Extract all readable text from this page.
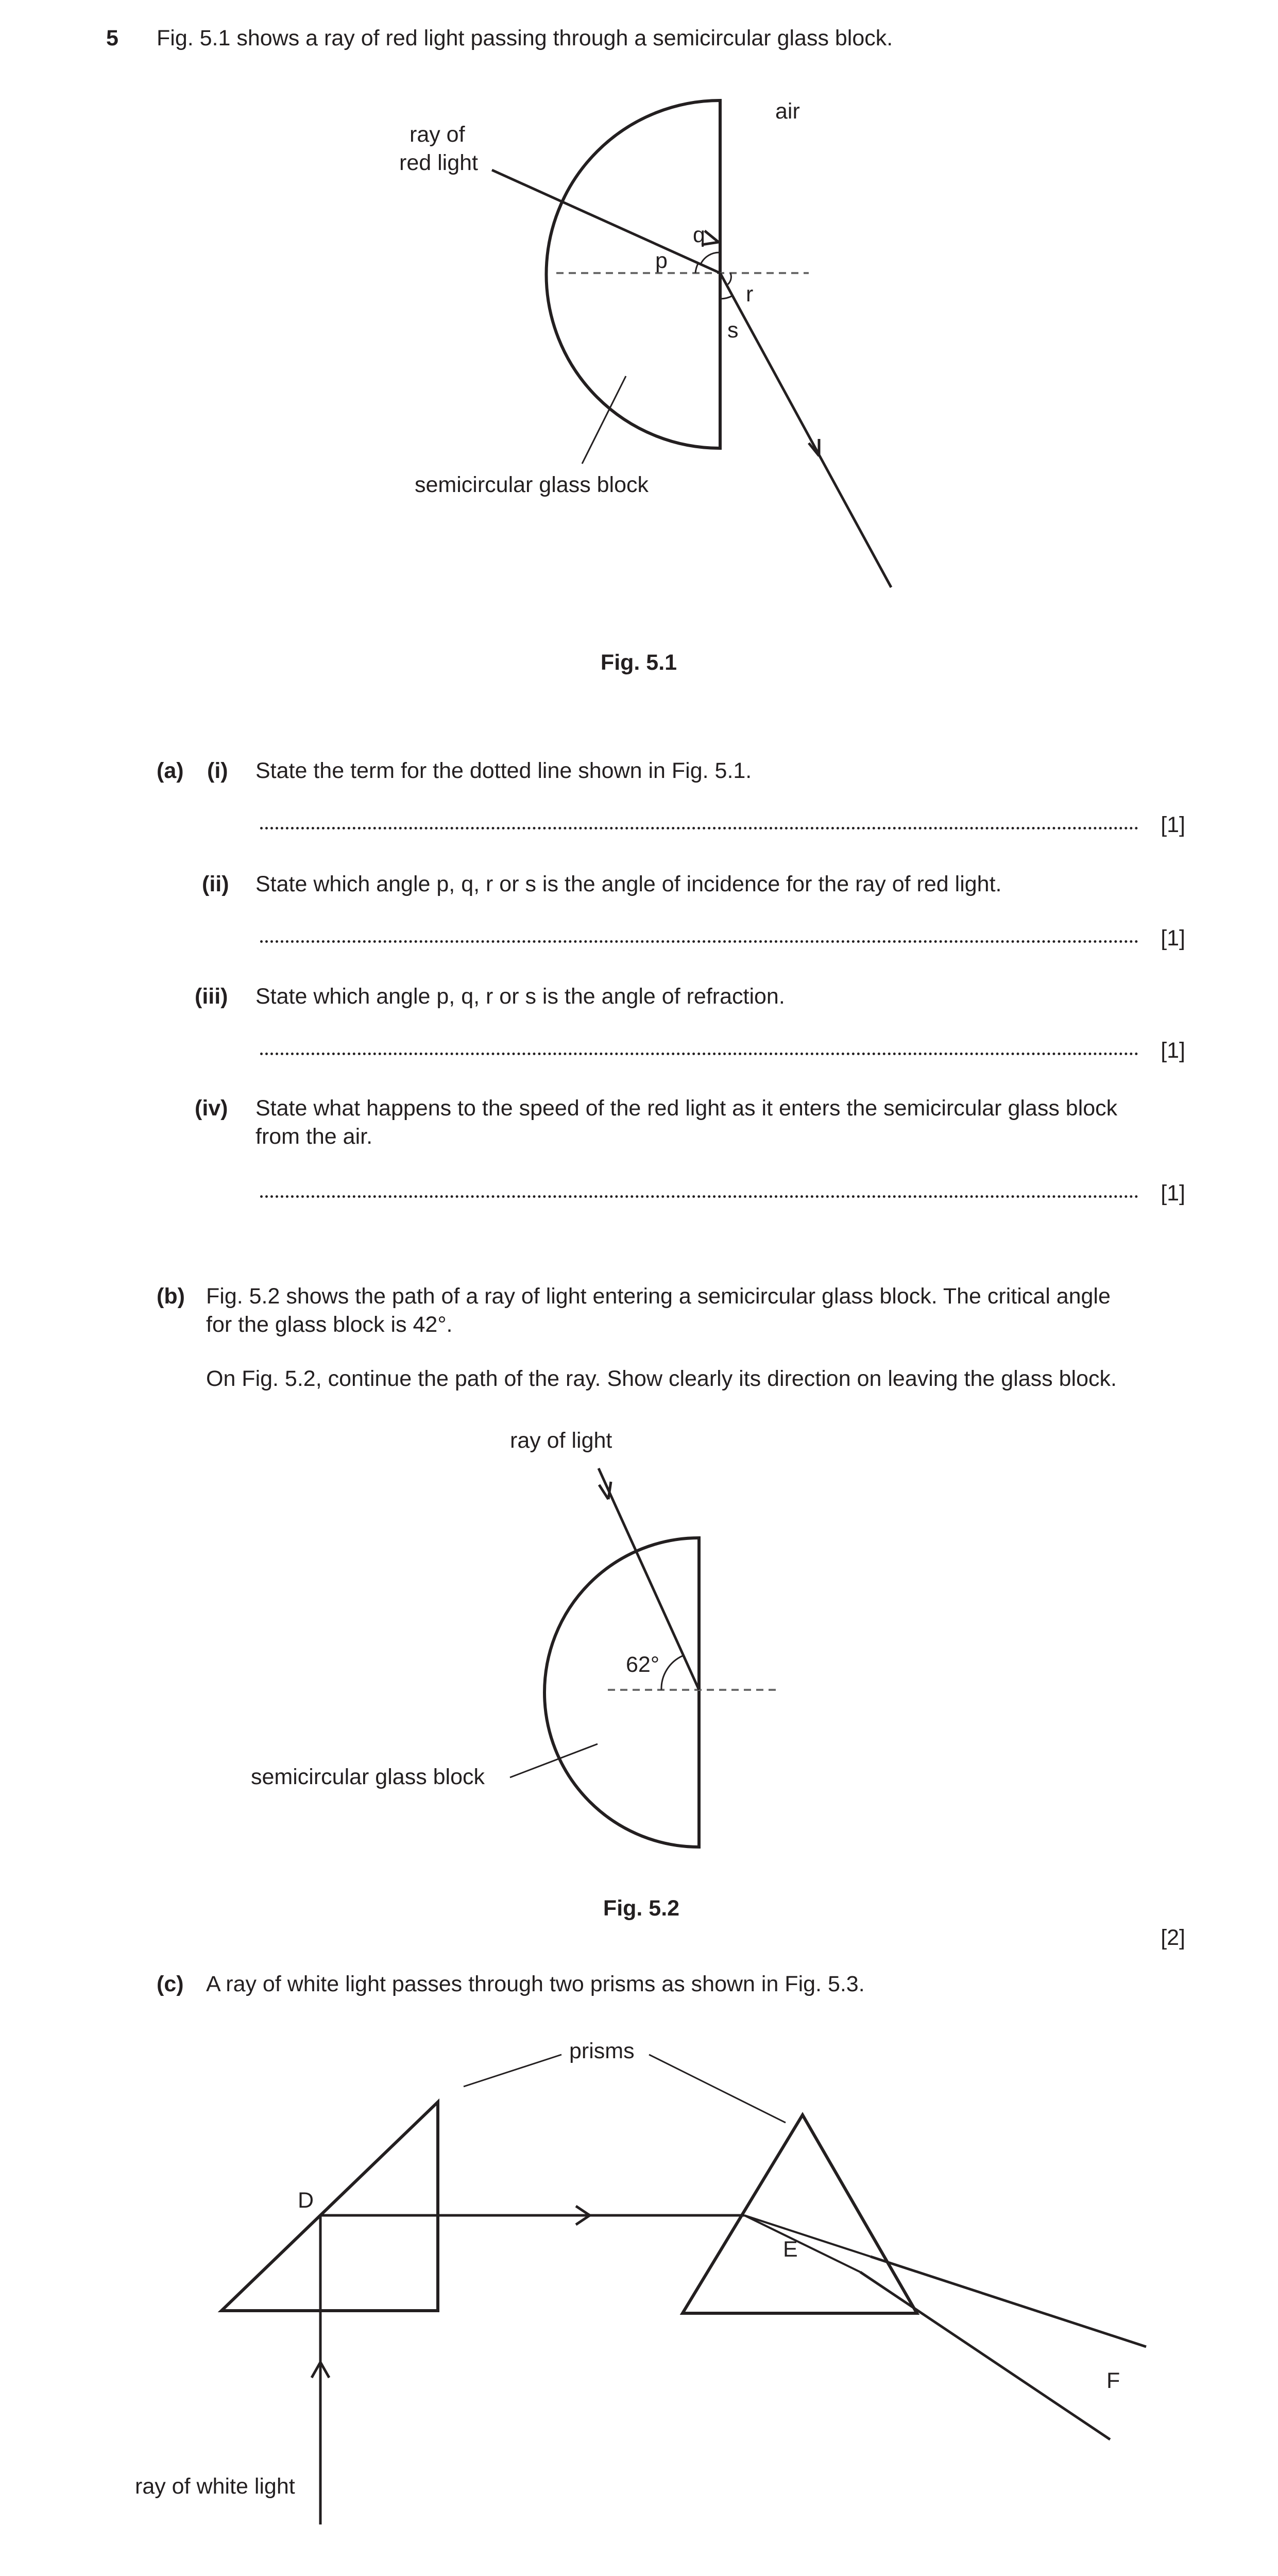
5 Fig. 5.1 shows a ray of red light passing through a semicircular glass block.
ray of
red light
air
q
p
r
s
semicircular glass block
Fig. 5.1
(a) (i) State the term for the dotted line shown in Fig. 5.1.
[1]
(ii) State which angle p, q, r or s is the angle of incidence for the ray of red light.
[1]
(iii) State which angle p, q, r or s is the angle of refraction.
[1]
(iv) State what happens to the speed of the red light as it enters the semicircular glass block
from the air.
[1]
(b) Fig. 5.2 shows the path of a ray of light entering a semicircular glass block. The critical angle
for the glass block is 42°.
On Fig. 5.2, continue the path of the ray. Show clearly its direction on leaving the glass block.
ray of light
62°
semicircular glass block
Fig. 5.2
[2]
(c) A ray of white light passes through two prisms as shown in Fig. 5.3.
prisms
D
E
F
ray of white light
